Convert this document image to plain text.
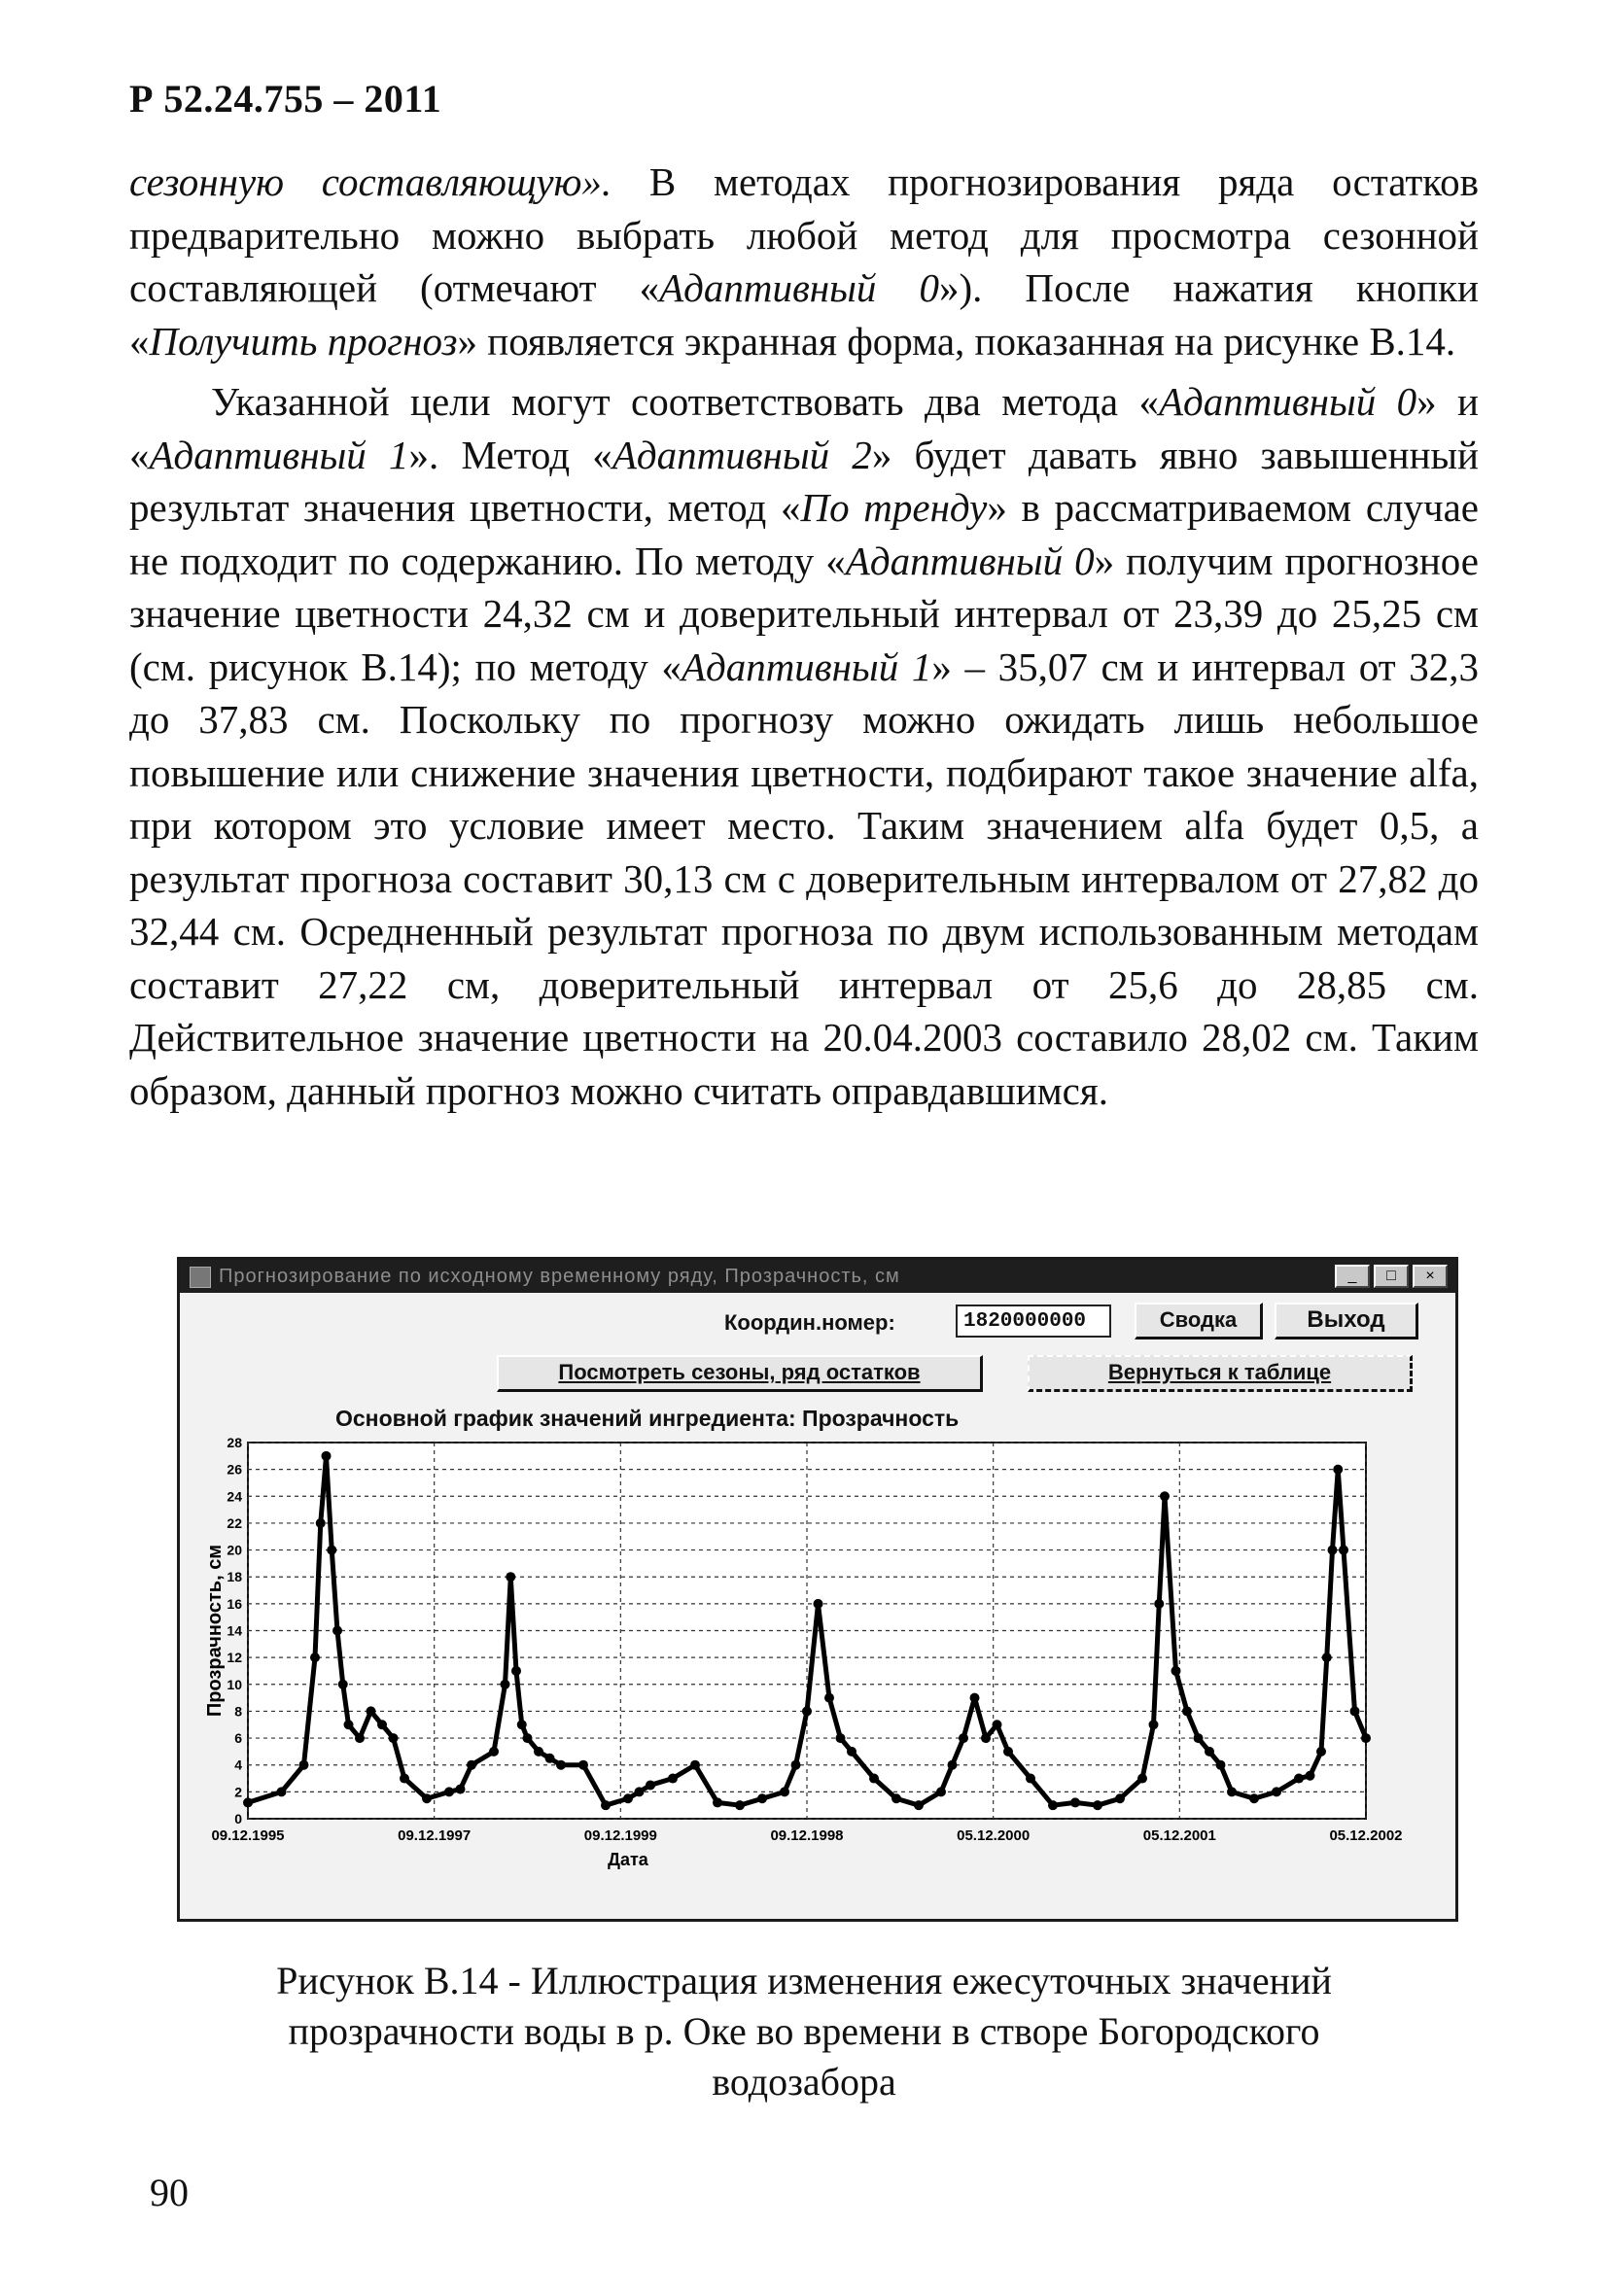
Р 52.24.755 – 2011

сезонную составляющую». В методах прогнозирования ряда остатков предварительно можно выбрать любой метод для просмотра сезонной составляющей (отмечают «Адаптивный 0»). После нажатия кнопки «Получить прогноз» появляется экранная форма, показанная на рисунке В.14.

Указанной цели могут соответствовать два метода «Адаптивный 0» и «Адаптивный 1». Метод «Адаптивный 2» будет давать явно завышенный результат значения цветности, метод «По тренду» в рассматриваемом случае не подходит по содержанию. По методу «Адаптивный 0» получим прогнозное значение цветности 24,32 см и доверительный интервал от 23,39 до 25,25 см (см. рисунок В.14); по методу «Адаптивный 1» – 35,07 см и интервал от 32,3 до 37,83 см. Поскольку по прогнозу можно ожидать лишь небольшое повышение или снижение значения цветности, подбирают такое значение alfa, при котором это условие имеет место. Таким значением alfa будет 0,5, а результат прогноза составит 30,13 см с доверительным интервалом от 27,82 до 32,44 см. Осредненный результат прогноза по двум использованным методам составит 27,22 см, доверительный интервал от 25,6 до 28,85 см. Действительное значение цветности на 20.04.2003 составило 28,02 см. Таким образом, данный прогноз можно считать оправдавшимся.

Прогнозирование по исходному временному ряду, Прозрачность, см	_	□	×
Координ.номер:	1820000000	Сводка	Выход
Посмотреть сезоны, ряд остатков	Вернуться к таблице
Основной график значений ингредиента: Прозрачность
0
2
4
6
8
10
12
14
16
18
20
22
24
26
28
09.12.1995	09.12.1997	09.12.1999	09.12.1998	05.12.2000	05.12.2001	05.12.2002
Прозрачность, см
Дата
Рисунок В.14 - Иллюстрация изменения ежесуточных значений
прозрачности воды в р. Оке во времени в створе Богородского
водозабора
90
